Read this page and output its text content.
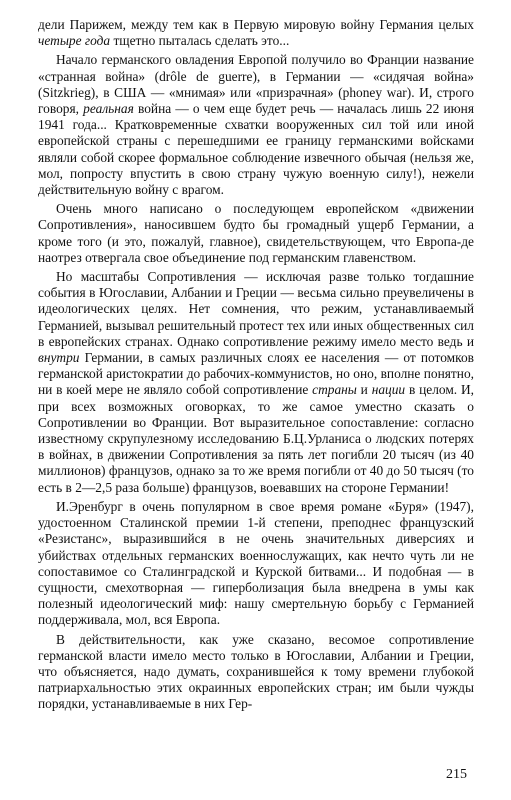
дели Парижем, между тем как в Первую мировую войну Германия целых четыре года тщетно пыталась сделать это...

Начало германского овладения Европой получило во Франции название «странная война» (drôle de guerre), в Германии — «сидячая война» (Sitzkrieg), в США — «мнимая» или «призрачная» (phoney war). И, строго говоря, реальная война — о чем еще будет речь — началась лишь 22 июня 1941 года... Кратковременные схватки вооруженных сил той или иной европейской страны с перешедшими ее границу германскими войсками являли собой скорее формальное соблюдение извечного обычая (нельзя же, мол, попросту впустить в свою страну чужую военную силу!), нежели действительную войну с врагом.

Очень много написано о последующем европейском «движении Сопротивления», наносившем будто бы громадный ущерб Германии, а кроме того (и это, пожалуй, главное), свидетельствующем, что Европа-де наотрез отвергала свое объединение под германским главенством.

Но масштабы Сопротивления — исключая разве только тогдашние события в Югославии, Албании и Греции — весьма сильно преувеличены в идеологических целях. Нет сомнения, что режим, устанавливаемый Германией, вызывал решительный протест тех или иных общественных сил в европейских странах. Однако сопротивление режиму имело место ведь и внутри Германии, в самых различных слоях ее населения — от потомков германской аристократии до рабочих-коммунистов, но оно, вполне понятно, ни в коей мере не являло собой сопротивление страны и нации в целом. И, при всех возможных оговорках, то же самое уместно сказать о Сопротивлении во Франции. Вот выразительное сопоставление: согласно известному скрупулезному исследованию Б.Ц.Урланиса о людских потерях в войнах, в движении Сопротивления за пять лет погибли 20 тысяч (из 40 миллионов) французов, однако за то же время погибли от 40 до 50 тысяч (то есть в 2—2,5 раза больше) французов, воевавших на стороне Германии!

И.Эренбург в очень популярном в свое время романе «Буря» (1947), удостоенном Сталинской премии 1-й степени, преподнес французский «Резистанс», выразившийся в не очень значительных диверсиях и убийствах отдельных германских военнослужащих, как нечто чуть ли не сопоставимое со Сталинградской и Курской битвами... И подобная — в сущности, смехотворная — гиперболизация была внедрена в умы как полезный идеологический миф: нашу смертельную борьбу с Германией поддерживала, мол, вся Европа.

В действительности, как уже сказано, весомое сопротивление германской власти имело место только в Югославии, Албании и Греции, что объясняется, надо думать, сохранившейся к тому времени глубокой патриархальностью этих окраинных европейских стран; им были чужды порядки, устанавливаемые в них Гер-

215
